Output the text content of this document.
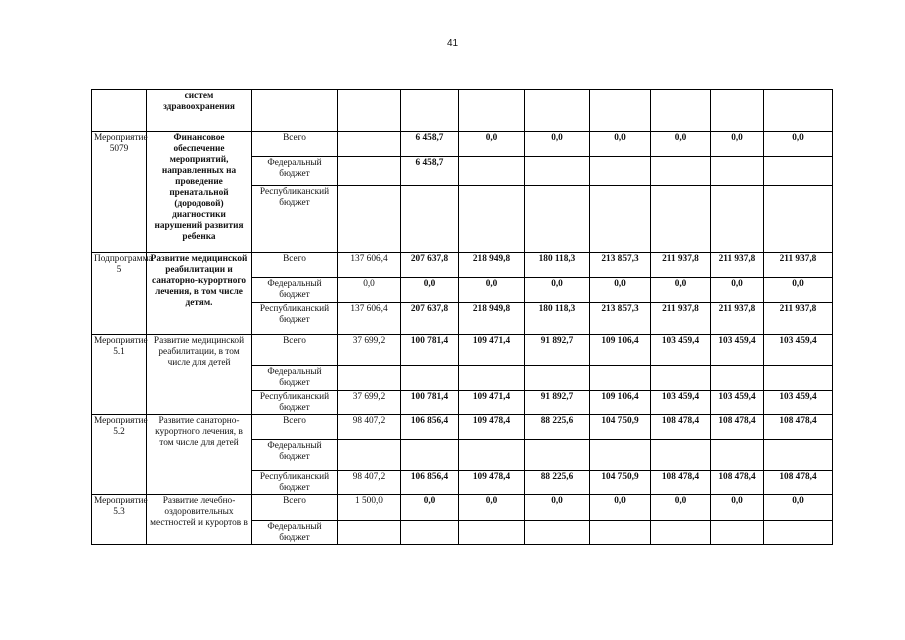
41
	систем здравоохранения									
Мероприятие 5079	Финансовое обеспечение мероприятий, направленных на проведение пренатальной (дородовой) диагностики нарушений развития ребенка	Всего		6 458,7	0,0	0,0	0,0	0,0	0,0	0,0
		Федеральный бюджет		6 458,7						
		Республиканский бюджет								
Подпрограмма 5	Развитие медицинской реабилитации и санаторно-курортного лечения, в том числе детям.	Всего	137 606,4	207 637,8	218 949,8	180 118,3	213 857,3	211 937,8	211 937,8	211 937,8
		Федеральный бюджет	0,0	0,0	0,0	0,0	0,0	0,0	0,0	0,0
		Республиканский бюджет	137 606,4	207 637,8	218 949,8	180 118,3	213 857,3	211 937,8	211 937,8	211 937,8
Мероприятие 5.1	Развитие медицинской реабилитации, в том числе для детей	Всего	37 699,2	100 781,4	109 471,4	91 892,7	109 106,4	103 459,4	103 459,4	103 459,4
		Федеральный бюджет								
		Республиканский бюджет	37 699,2	100 781,4	109 471,4	91 892,7	109 106,4	103 459,4	103 459,4	103 459,4
Мероприятие 5.2	Развитие санаторно-курортного лечения, в том числе для детей	Всего	98 407,2	106 856,4	109 478,4	88 225,6	104 750,9	108 478,4	108 478,4	108 478,4
		Федеральный бюджет								
		Республиканский бюджет	98 407,2	106 856,4	109 478,4	88 225,6	104 750,9	108 478,4	108 478,4	108 478,4
Мероприятие 5.3	Развитие лечебно-оздоровительных местностей и курортов в	Всего	1 500,0	0,0	0,0	0,0	0,0	0,0	0,0	0,0
		Федеральный бюджет								
